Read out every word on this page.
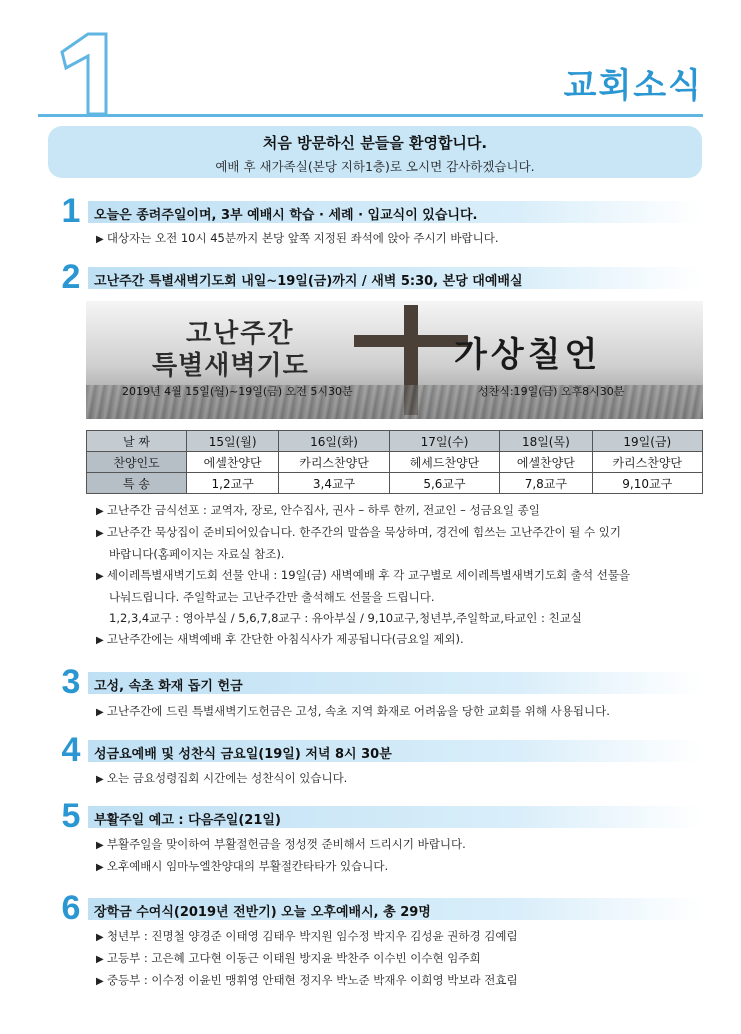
교회소식
처음 방문하신 분들을 환영합니다.
예배 후 새가족실(본당 지하1층)로 오시면 감사하겠습니다.
1 오늘은 종려주일이며, 3부 예배시 학습 · 세례 · 입교식이 있습니다.
▶ 대상자는 오전 10시 45분까지 본당 앞쪽 지정된 좌석에 앉아 주시기 바랍니다.
2 고난주간 특별새벽기도회 내일~19일(금)까지 / 새벽 5:30, 본당 대예배실
고난주간
특별새벽기도
2019년 4월 15일(월)~19일(금) 오전 5시30분
가상칠언
성찬식:19일(금) 오후8시30분
날 짜	15일(월)	16일(화)	17일(수)	18일(목)	19일(금)
찬양인도	에셀찬양단	카리스찬양단	헤세드찬양단	에셀찬양단	카리스찬양단
특 송	1,2교구	3,4교구	5,6교구	7,8교구	9,10교구
▶ 고난주간 금식선포 : 교역자, 장로, 안수집사, 권사 – 하루 한끼, 전교인 – 성금요일 종일
▶ 고난주간 묵상집이 준비되어있습니다. 한주간의 말씀을 묵상하며, 경건에 힘쓰는 고난주간이 될 수 있기
바랍니다(홈페이지는 자료실 참조).
▶ 세이레특별새벽기도회 선물 안내 : 19일(금) 새벽예배 후 각 교구별로 세이레특별새벽기도회 출석 선물을
나눠드립니다. 주일학교는 고난주간만 출석해도 선물을 드립니다.
1,2,3,4교구 : 영아부실 / 5,6,7,8교구 : 유아부실 / 9,10교구,청년부,주일학교,타교인 : 친교실
▶ 고난주간에는 새벽예배 후 간단한 아침식사가 제공됩니다(금요일 제외).
3 고성, 속초 화재 돕기 헌금
▶ 고난주간에 드린 특별새벽기도헌금은 고성, 속초 지역 화재로 어려움을 당한 교회를 위해 사용됩니다.
4 성금요예배 및 성찬식 금요일(19일) 저녁 8시 30분
▶ 오는 금요성령집회 시간에는 성찬식이 있습니다.
5 부활주일 예고 : 다음주일(21일)
▶ 부활주일을 맞이하여 부활절헌금을 정성껏 준비해서 드리시기 바랍니다.
▶ 오후예배시 임마누엘찬양대의 부활절칸타타가 있습니다.
6 장학금 수여식(2019년 전반기) 오늘 오후예배시, 총 29명
▶ 청년부 : 진명철 양경준 이태영 김태우 박지원 임수정 박지우 김성윤 권하경 김예림
▶ 고등부 : 고은혜 고다현 이동근 이태원 방지윤 박찬주 이수빈 이수현 임주희
▶ 중등부 : 이수정 이윤빈 맹휘영 안태현 정지우 박노준 박재우 이희영 박보라 전효림
